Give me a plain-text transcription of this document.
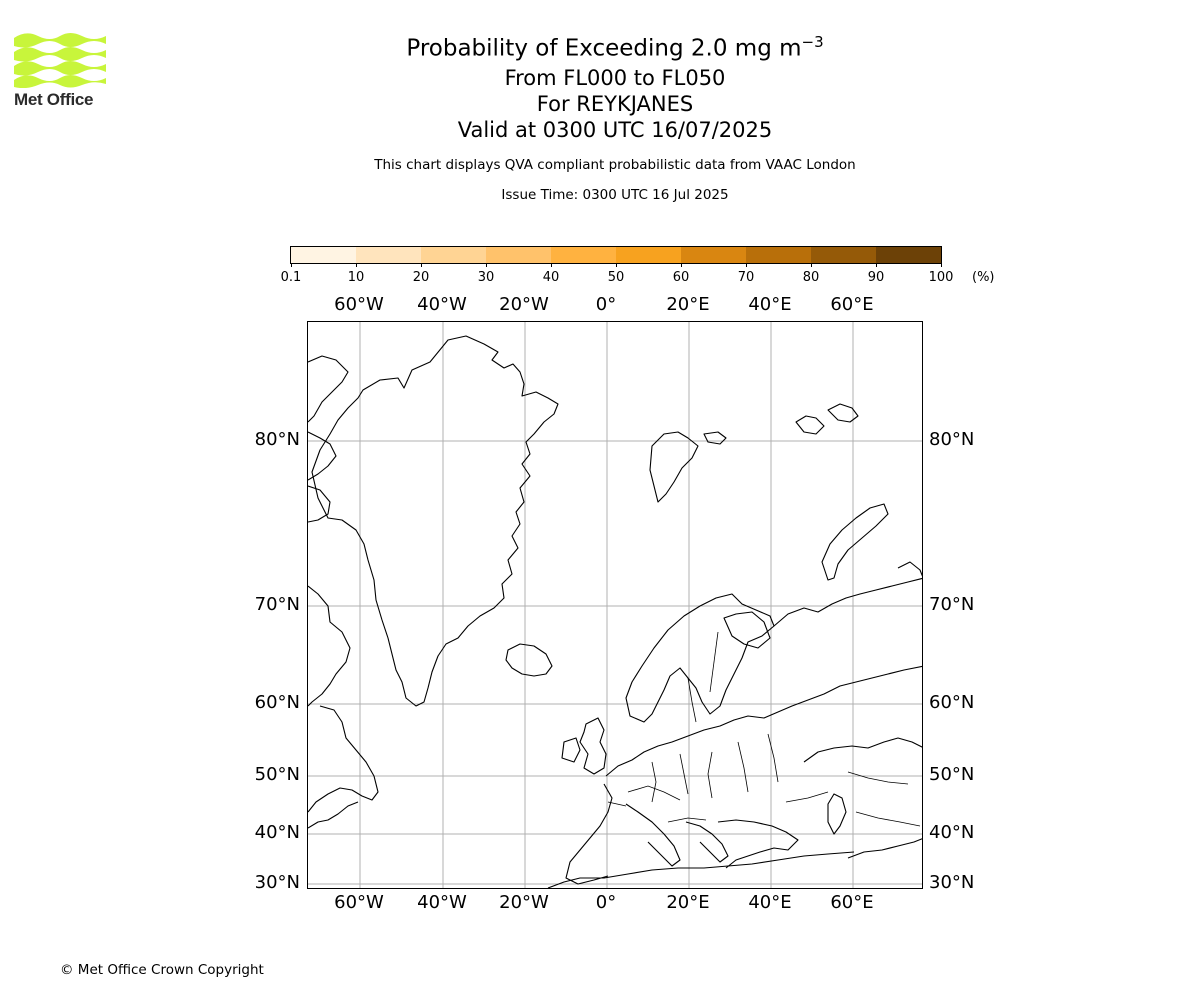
Met Office
Probability of Exceeding 2.0 mg $m^{-3}$
From FL000 to FL050
For REYKJANES
Valid at 0300 UTC 16/07/2025
This chart displays QVA compliant probabilistic data from VAAC London
Issue Time: 0300 UTC 16 Jul 2025
0.1	10	20	30	40	50	60	70	80	90	100 (%)
60°W 40°W 20°W	0°	20°E 40°E 60°E
60°W 40°W 20°W	0°	20°E 40°E 60°E
80°N
70°N
60°N
50°N
40°N
30°N
80°N
70°N
60°N
50°N
40°N
30°N
© Met Office Crown Copyright
